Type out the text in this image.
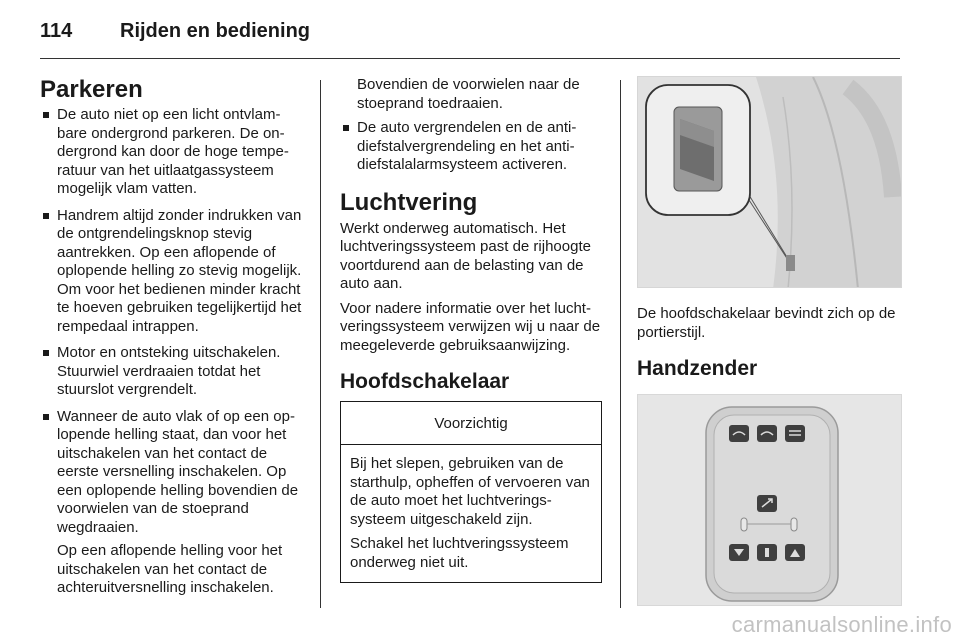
114 Rijden en bediening
Parkeren
De auto niet op een licht ontvlambare ondergrond parkeren. De ondergrond kan door de hoge temperatuur van het uitlaatgassysteem mogelijk vlam vatten.
Handrem altijd zonder indrukken van de ontgrendelingsknop stevig aantrekken. Op een aflopende of oplopende helling zo stevig mogelijk. Om voor het bedienen minder kracht te hoeven gebruiken tegelijkertijd het rempedaal intrappen.
Motor en ontsteking uitschakelen. Stuurwiel verdraaien totdat het stuurslot vergrendelt.
Wanneer de auto vlak of op een oplopende helling staat, dan voor het uitschakelen van het contact de eerste versnelling inschakelen. Op een oplopende helling bovendien de voorwielen van de stoeprand wegdraaien.

Op een aflopende helling voor het uitschakelen van het contact de achteruitversnelling inschakelen.

Bovendien de voorwielen naar de stoeprand toedraaien.

De auto vergrendelen en de antidiefstalvergrendeling en het antidiefstalalarmsysteem activeren.
Luchtvering

Werkt onderweg automatisch. Het luchtveringssysteem past de rijhoogte voortdurend aan de belasting van de auto aan.

Voor nadere informatie over het luchtveringssysteem verwijzen wij u naar de meegeleverde gebruiksaanwijzing.

Hoofdschakelaar
Voorzichtig

Bij het slepen, gebruiken van de starthulp, opheffen of vervoeren van de auto moet het luchtveringssysteem uitgeschakeld zijn.

Schakel het luchtveringssysteem onderweg niet uit.

De hoofdschakelaar bevindt zich op de portierstijl.

Handzender
carmanualsonline.info
